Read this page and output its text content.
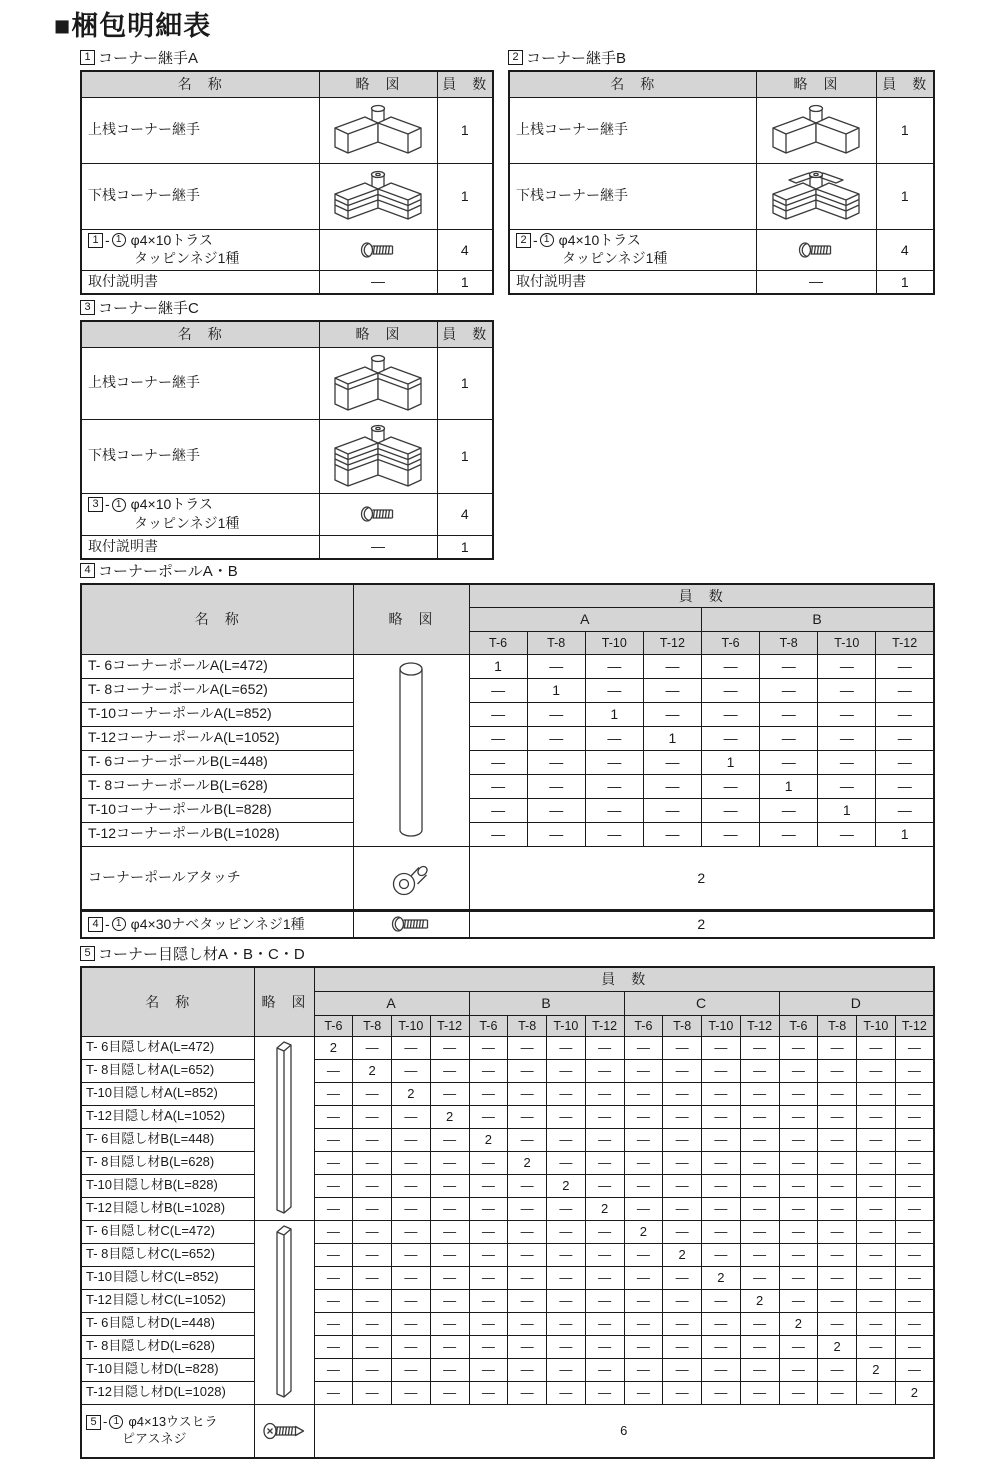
■梱包明細表
1 コーナー継手A
名　称	略　図	員　数
上桟コーナー継手		1
下桟コーナー継手		1

1 - 1 φ4×10トラス
タッピンネジ1種		4
取付説明書	—	1
2 コーナー継手B
名　称	略　図	員　数
上桟コーナー継手		1
下桟コーナー継手		1

2 - 1 φ4×10トラス
タッピンネジ1種		4
取付説明書	—	1
3 コーナー継手C
名　称	略　図	員　数
上桟コーナー継手		1
下桟コーナー継手		1

3 - 1 φ4×10トラス
タッピンネジ1種		4
取付説明書	—	1
4 コーナーポールA・B
名　称	略　図	員　数							
		A				B			
		T-6	T-8	T-10	T-12	T-6	T-8	T-10	T-12
T- 6コーナーポールA(L=472)		1	—	—	—	—	—	—	—
T- 8コーナーポールA(L=652)		—	1	—	—	—	—	—	—
T-10コーナーポールA(L=852)		—	—	1	—	—	—	—	—
T-12コーナーポールA(L=1052)		—	—	—	1	—	—	—	—
T- 6コーナーポールB(L=448)		—	—	—	—	1	—	—	—
T- 8コーナーポールB(L=628)		—	—	—	—	—	1	—	—
T-10コーナーポールB(L=828)		—	—	—	—	—	—	1	—
T-12コーナーポールB(L=1028)		—	—	—	—	—	—	—	1
コーナーポールアタッチ		2							

4 - 1 φ4×30ナベタッピンネジ1種		2							
5 コーナー目隠し材A・B・C・D
名　称	略　図	員　数															
		A				B				C				D			
		T-6	T-8	T-10	T-12	T-6	T-8	T-10	T-12	T-6	T-8	T-10	T-12	T-6	T-8	T-10	T-12
T- 6目隠し材A(L=472)		2	—	—	—	—	—	—	—	—	—	—	—	—	—	—	—
T- 8目隠し材A(L=652)		—	2	—	—	—	—	—	—	—	—	—	—	—	—	—	—
T-10目隠し材A(L=852)		—	—	2	—	—	—	—	—	—	—	—	—	—	—	—	—
T-12目隠し材A(L=1052)		—	—	—	2	—	—	—	—	—	—	—	—	—	—	—	—
T- 6目隠し材B(L=448)		—	—	—	—	2	—	—	—	—	—	—	—	—	—	—	—
T- 8目隠し材B(L=628)		—	—	—	—	—	2	—	—	—	—	—	—	—	—	—	—
T-10目隠し材B(L=828)		—	—	—	—	—	—	2	—	—	—	—	—	—	—	—	—
T-12目隠し材B(L=1028)		—	—	—	—	—	—	—	2	—	—	—	—	—	—	—	—
T- 6目隠し材C(L=472)		—	—	—	—	—	—	—	—	2	—	—	—	—	—	—	—
T- 8目隠し材C(L=652)		—	—	—	—	—	—	—	—	—	2	—	—	—	—	—	—
T-10目隠し材C(L=852)		—	—	—	—	—	—	—	—	—	—	2	—	—	—	—	—
T-12目隠し材C(L=1052)		—	—	—	—	—	—	—	—	—	—	—	2	—	—	—	—
T- 6目隠し材D(L=448)		—	—	—	—	—	—	—	—	—	—	—	—	2	—	—	—
T- 8目隠し材D(L=628)		—	—	—	—	—	—	—	—	—	—	—	—	—	2	—	—
T-10目隠し材D(L=828)		—	—	—	—	—	—	—	—	—	—	—	—	—	—	2	—
T-12目隠し材D(L=1028)		—	—	—	—	—	—	—	—	—	—	—	—	—	—	—	2

5 - 1 φ4×13ウスヒラ
ピアスネジ		6															
